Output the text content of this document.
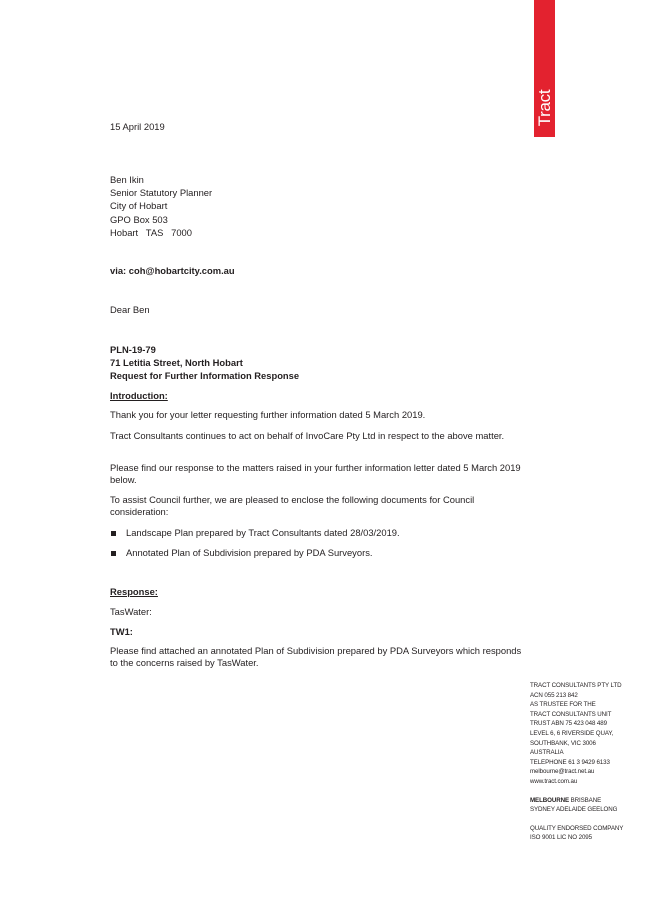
Tract
15 April 2019
Ben Ikin
Senior Statutory Planner
City of Hobart
GPO Box 503
Hobart   TAS   7000
via: coh@hobartcity.com.au
Dear Ben
PLN-19-79
71 Letitia Street, North Hobart
Request for Further Information Response
Introduction:
Thank you for your letter requesting further information dated 5 March 2019.
Tract Consultants continues to act on behalf of InvoCare Pty Ltd in respect to the above matter.
Please find our response to the matters raised in your further information letter dated 5 March 2019 below.
To assist Council further, we are pleased to enclose the following documents for Council consideration:
Landscape Plan prepared by Tract Consultants dated 28/03/2019.
Annotated Plan of Subdivision prepared by PDA Surveyors.
Response:
TasWater:
TW1:
Please find attached an annotated Plan of Subdivision prepared by PDA Surveyors which responds to the concerns raised by TasWater.
TRACT CONSULTANTS PTY LTD
ACN 055 213 842
AS TRUSTEE FOR THE
TRACT CONSULTANTS UNIT
TRUST ABN 75 423 048 489
LEVEL 6, 6 RIVERSIDE QUAY,
SOUTHBANK, VIC 3006
AUSTRALIA
TELEPHONE 61 3 9429 6133
melbourne@tract.net.au
www.tract.com.au
MELBOURNE BRISBANE
SYDNEY ADELAIDE GEELONG
QUALITY ENDORSED COMPANY
ISO 9001 LIC NO 2095
